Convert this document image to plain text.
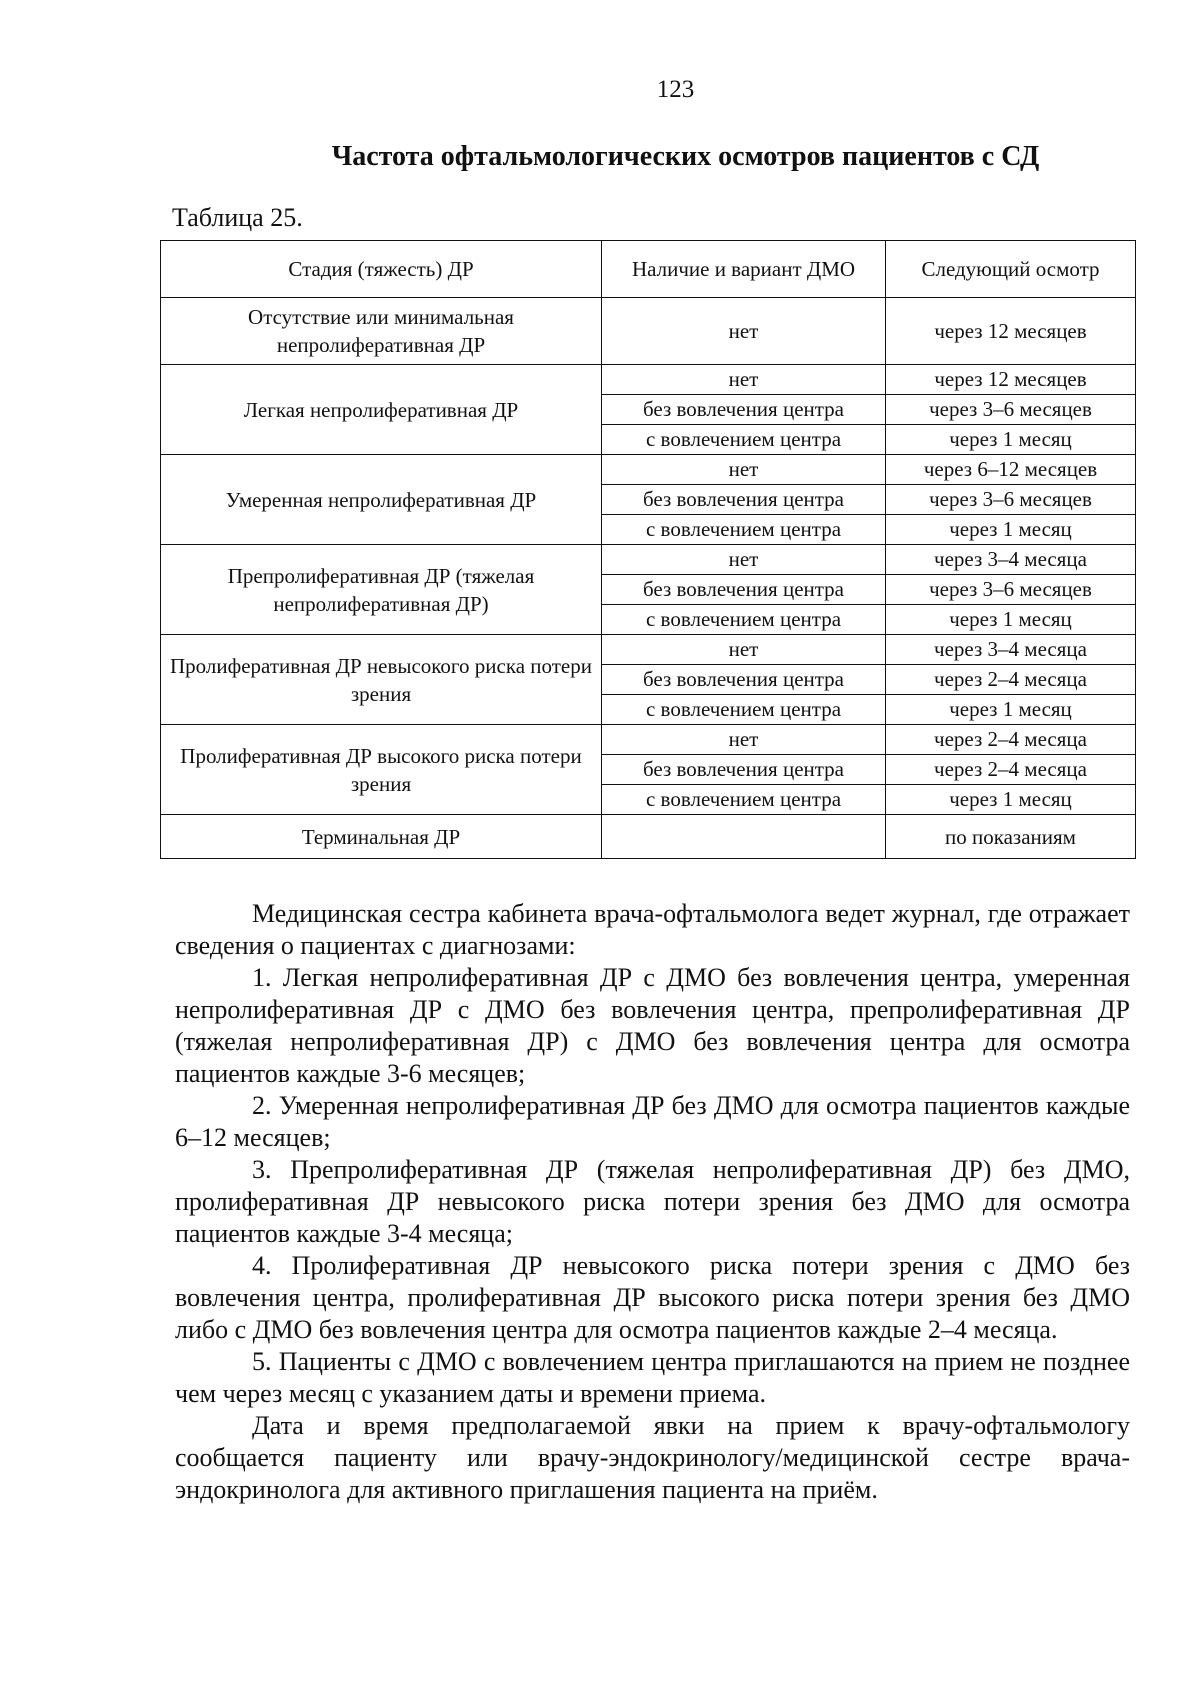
123
Частота офтальмологических осмотров пациентов с СД
Таблица 25.
Стадия (тяжесть) ДР	Наличие и вариант ДМО	Следующий осмотр
Отсутствие или минимальная непролиферативная ДР	нет	через 12 месяцев
Легкая непролиферативная ДР	нет	через 12 месяцев
	без вовлечения центра	через 3–6 месяцев
	с вовлечением центра	через 1 месяц
Умеренная непролиферативная ДР	нет	через 6–12 месяцев
	без вовлечения центра	через 3–6 месяцев
	с вовлечением центра	через 1 месяц
Препролиферативная ДР (тяжелая непролиферативная ДР)	нет	через 3–4 месяца
	без вовлечения центра	через 3–6 месяцев
	с вовлечением центра	через 1 месяц
Пролиферативная ДР невысокого риска потери зрения	нет	через 3–4 месяца
	без вовлечения центра	через 2–4 месяца
	с вовлечением центра	через 1 месяц
Пролиферативная ДР высокого риска потери зрения	нет	через 2–4 месяца
	без вовлечения центра	через 2–4 месяца
	с вовлечением центра	через 1 месяц
Терминальная ДР		по показаниям

Медицинская сестра кабинета врача-офтальмолога ведет журнал, где отражает сведения о пациентах с диагнозами:

1. Легкая непролиферативная ДР с ДМО без вовлечения центра, умеренная непролиферативная ДР с ДМО без вовлечения центра, препролиферативная ДР (тяжелая непролиферативная ДР) с ДМО без вовлечения центра для осмотра пациентов каждые 3-6 месяцев;

2. Умеренная непролиферативная ДР без ДМО для осмотра пациентов каждые 6–12 месяцев;

3. Препролиферативная ДР (тяжелая непролиферативная ДР) без ДМО, пролиферативная ДР невысокого риска потери зрения без ДМО для осмотра пациентов каждые 3-4 месяца;

4. Пролиферативная ДР невысокого риска потери зрения с ДМО без вовлечения центра, пролиферативная ДР высокого риска потери зрения без ДМО либо с ДМО без вовлечения центра для осмотра пациентов каждые 2–4 месяца.

5. Пациенты с ДМО с вовлечением центра приглашаются на прием не позднее чем через месяц с указанием даты и времени приема.

Дата и время предполагаемой явки на прием к врачу-офтальмологу сообщается пациенту или врачу-эндокринологу/медицинской сестре врача-эндокринолога для активного приглашения пациента на приём.
